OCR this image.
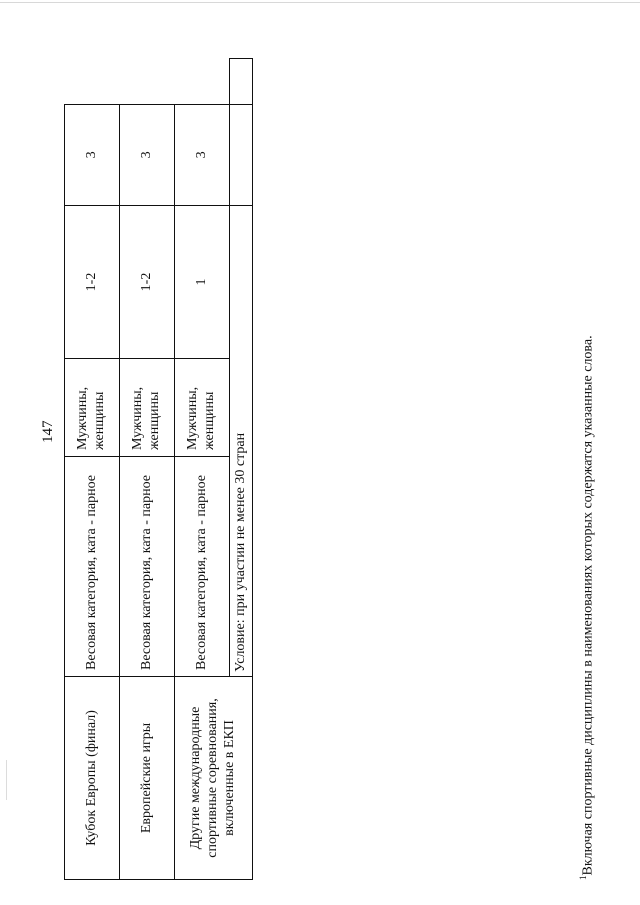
147
Кубок Европы (финал)	Весовая категория, ката - парное	Мужчины, женщины	1-2	3	
Европейские игры	Весовая категория, ката - парное	Мужчины, женщины	1-2	3	
Другие международные спортивные соревнования, включенные в ЕКП	Весовая категория, ката - парное	Мужчины, женщины	1	3	
	Условие: при участии не менее 30 стран				
$^1$Включая спортивные дисциплины в наименованиях которых содержатся указанные слова.
